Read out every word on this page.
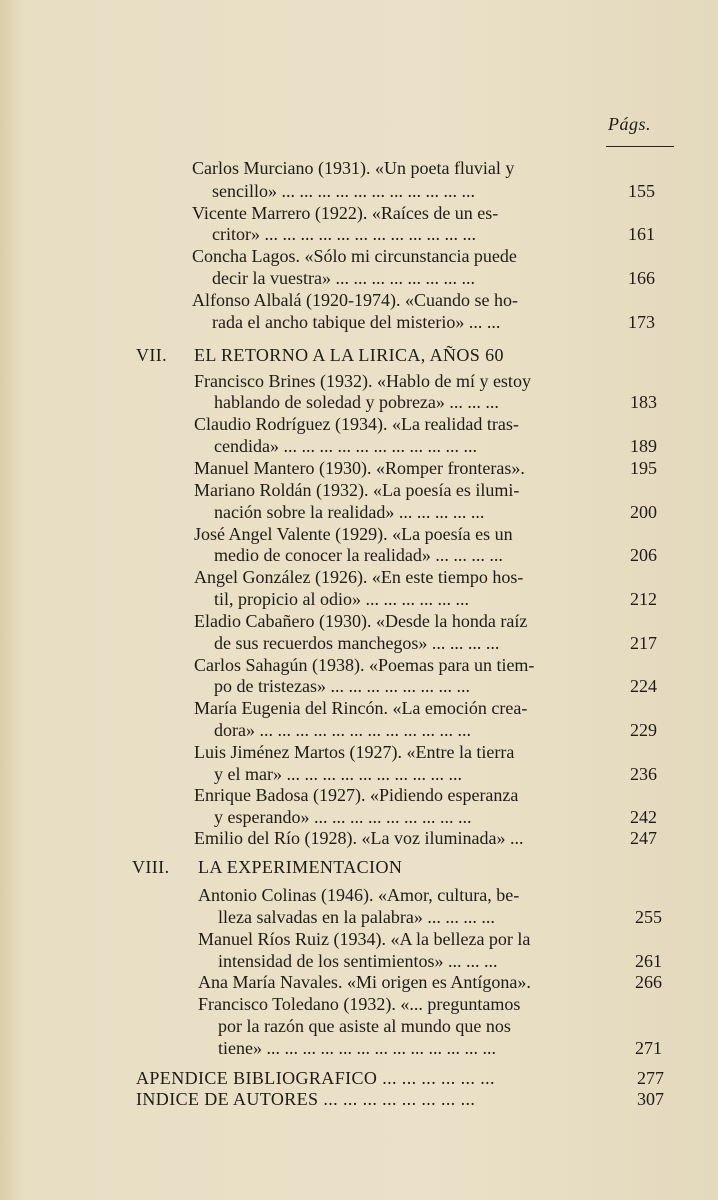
Págs.
Carlos Murciano (1931). «Un poeta fluvial y
sencillo» ... ... ... ... ... ... ... ... ... ... ...	155
Vicente Marrero (1922). «Raíces de un es-
critor» ... ... ... ... ... ... ... ... ... ... ... ...	161
Concha Lagos. «Sólo mi circunstancia puede
decir la vuestra» ... ... ... ... ... ... ... ...	166
Alfonso Albalá (1920-1974). «Cuando se ho-
rada el ancho tabique del misterio» ... ...	173
VII.	EL RETORNO A LA LIRICA, AÑOS 60
Francisco Brines (1932). «Hablo de mí y estoy
hablando de soledad y pobreza» ... ... ...	183
Claudio Rodríguez (1934). «La realidad tras-
cendida» ... ... ... ... ... ... ... ... ... ... ...	189
Manuel Mantero (1930). «Romper fronteras».	195
Mariano Roldán (1932). «La poesía es ilumi-
nación sobre la realidad» ... ... ... ... ...	200
José Angel Valente (1929). «La poesía es un
medio de conocer la realidad» ... ... ... ...	206
Angel González (1926). «En este tiempo hos-
til, propicio al odio» ... ... ... ... ... ...	212
Eladio Cabañero (1930). «Desde la honda raíz
de sus recuerdos manchegos» ... ... ... ...	217
Carlos Sahagún (1938). «Poemas para un tiem-
po de tristezas» ... ... ... ... ... ... ... ...	224
María Eugenia del Rincón. «La emoción crea-
dora» ... ... ... ... ... ... ... ... ... ... ... ...	229
Luis Jiménez Martos (1927). «Entre la tierra
y el mar» ... ... ... ... ... ... ... ... ... ...	236
Enrique Badosa (1927). «Pidiendo esperanza
y esperando» ... ... ... ... ... ... ... ... ...	242
Emilio del Río (1928). «La voz iluminada» ...	247
VIII.	LA EXPERIMENTACION
Antonio Colinas (1946). «Amor, cultura, be-
lleza salvadas en la palabra» ... ... ... ...	255
Manuel Ríos Ruiz (1934). «A la belleza por la
intensidad de los sentimientos» ... ... ...	261
Ana María Navales. «Mi origen es Antígona».	266
Francisco Toledano (1932). «... preguntamos
por la razón que asiste al mundo que nos
tiene» ... ... ... ... ... ... ... ... ... ... ... ... ...	271
APENDICE BIBLIOGRAFICO ... ... ... ... ... ...	277
INDICE DE AUTORES ... ... ... ... ... ... ... ...	307
